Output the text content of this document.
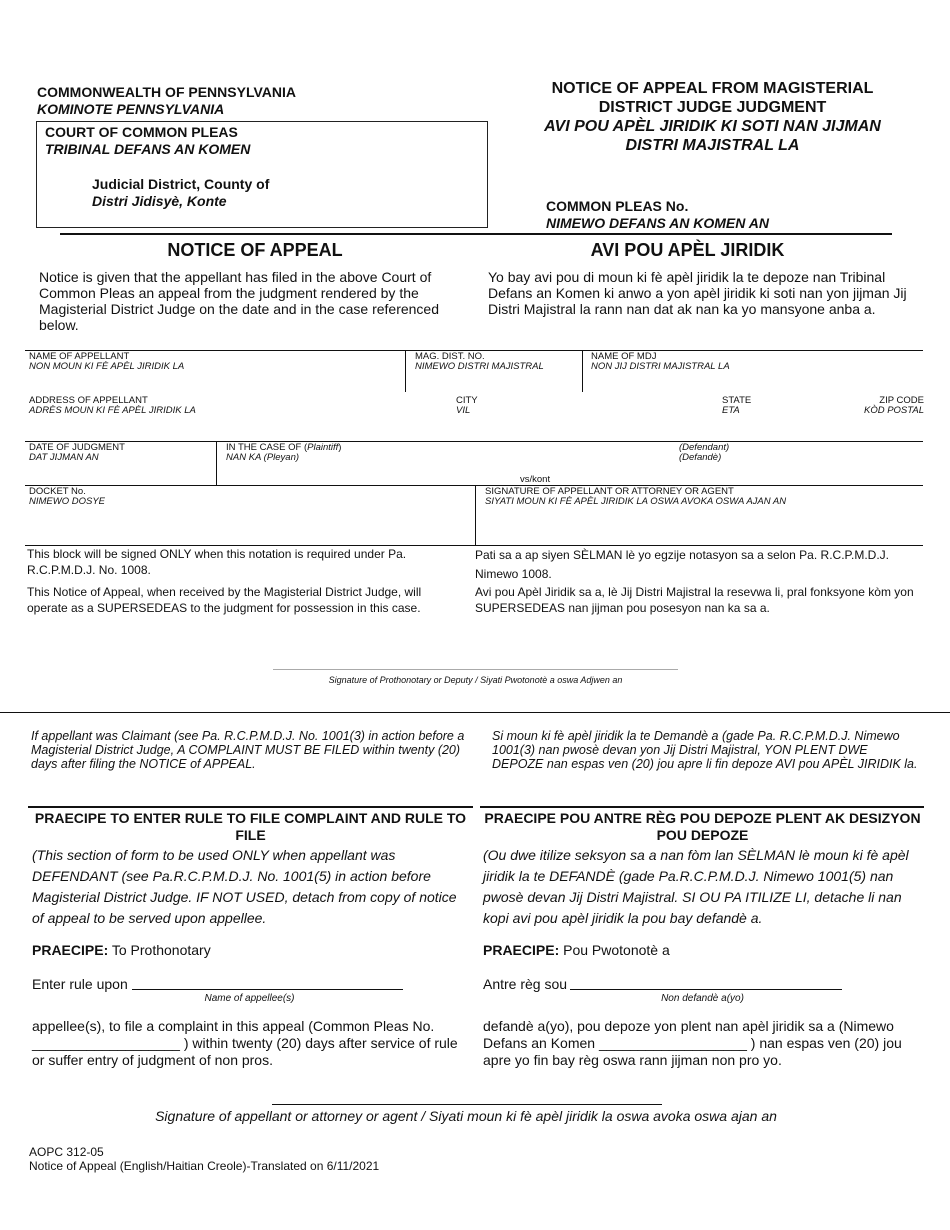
COMMONWEALTH OF PENNSYLVANIA
KOMINOTE PENNSYLVANIA
COURT OF COMMON PLEAS
TRIBINAL DEFANS AN KOMEN
Judicial District, County of
Distri Jidisyè, Konte
NOTICE OF APPEAL FROM MAGISTERIAL
DISTRICT JUDGE JUDGMENT
AVI POU APÈL JIRIDIK KI SOTI NAN JIJMAN
DISTRI MAJISTRAL LA
COMMON PLEAS No.
NIMEWO DEFANS AN KOMEN AN
NOTICE OF APPEAL	AVI POU APÈL JIRIDIK
Notice is given that the appellant has filed in the above Court of Common Pleas an appeal from the judgment rendered by the Magisterial District Judge on the date and in the case referenced below.
Yo bay avi pou di moun ki fè apèl jiridik la te depoze nan Tribinal Defans an Komen ki anwo a yon apèl jiridik ki soti nan yon jijman Jij Distri Majistral la rann nan dat ak nan ka yo mansyone anba a.
NAME OF APPELLANT
NON MOUN KI FÈ APÈL JIRIDIK LA
MAG. DIST. NO.
NIMEWO DISTRI MAJISTRAL
NAME OF MDJ
NON JIJ DISTRI MAJISTRAL LA
ADDRESS OF APPELLANT
ADRÈS MOUN KI FÈ APÈL JIRIDIK LA
CITY
VIL
STATE
ETA
ZIP CODE
KÒD POSTAL
DATE OF JUDGMENT
DAT JIJMAN AN
IN THE CASE OF (Plaintiff)
NAN KA (Pleyan)
(Defendant)
(Defandè)
vs/kont
DOCKET No.
NIMEWO DOSYE
SIGNATURE OF APPELLANT OR ATTORNEY OR AGENT
SIYATI MOUN KI FÈ APÈL JIRIDIK LA OSWA AVOKA OSWA AJAN AN
This block will be signed ONLY when this notation is required under Pa. R.C.P.M.D.J. No. 1008.
Pati sa a ap siyen SÈLMAN lè yo egzije notasyon sa a selon Pa. R.C.P.M.D.J. Nimewo 1008.
This Notice of Appeal, when received by the Magisterial District Judge, will operate as a SUPERSEDEAS to the judgment for possession in this case.
Avi pou Apèl Jiridik sa a, lè Jij Distri Majistral la resevwa li, pral fonksyone kòm yon SUPERSEDEAS nan jijman pou posesyon nan ka sa a.
Signature of Prothonotary or Deputy / Siyati Pwotonotè a oswa Adjwen an
If appellant was Claimant (see Pa. R.C.P.M.D.J. No. 1001(3) in action before a Magisterial District Judge, A COMPLAINT MUST BE FILED within twenty (20) days after filing the NOTICE of APPEAL.
Si moun ki fè apèl jiridik la te Demandè a (gade Pa. R.C.P.M.D.J. Nimewo 1001(3) nan pwosè devan yon Jij Distri Majistral, YON PLENT DWE DEPOZE nan espas ven (20) jou apre li fin depoze AVI pou APÈL JIRIDIK la.
PRAECIPE TO ENTER RULE TO FILE COMPLAINT AND RULE TO FILE
PRAECIPE POU ANTRE RÈG POU DEPOZE PLENT AK DESIZYON POU DEPOZE
(This section of form to be used ONLY when appellant was DEFENDANT (see Pa.R.C.P.M.D.J. No. 1001(5) in action before Magisterial District Judge. IF NOT USED, detach from copy of notice of appeal to be served upon appellee.
(Ou dwe itilize seksyon sa a nan fòm lan SÈLMAN lè moun ki fè apèl jiridik la te DEFANDÈ (gade Pa.R.C.P.M.D.J. Nimewo 1001(5) nan pwosè devan Jij Distri Majistral. SI OU PA ITILIZE LI, detache li nan kopi avi pou apèl jiridik la pou bay defandè a.
PRAECIPE: To Prothonotary	PRAECIPE: Pou Pwotonotè a
Enter rule upon
Name of appellee(s)
Antre règ sou
Non defandè a(yo)
appellee(s), to file a complaint in this appeal (Common Pleas No.
___________________ ) within twenty (20) days after service of rule
or suffer entry of judgment of non pros.
defandè a(yo), pou depoze yon plent nan apèl jiridik sa a (Nimewo
Defans an Komen ___________________ ) nan espas ven (20) jou
apre yo fin bay règ oswa rann jijman non pro yo.
Signature of appellant or attorney or agent / Siyati moun ki fè apèl jiridik la oswa avoka oswa ajan an
AOPC 312-05
Notice of Appeal (English/Haitian Creole)-Translated on 6/11/2021
